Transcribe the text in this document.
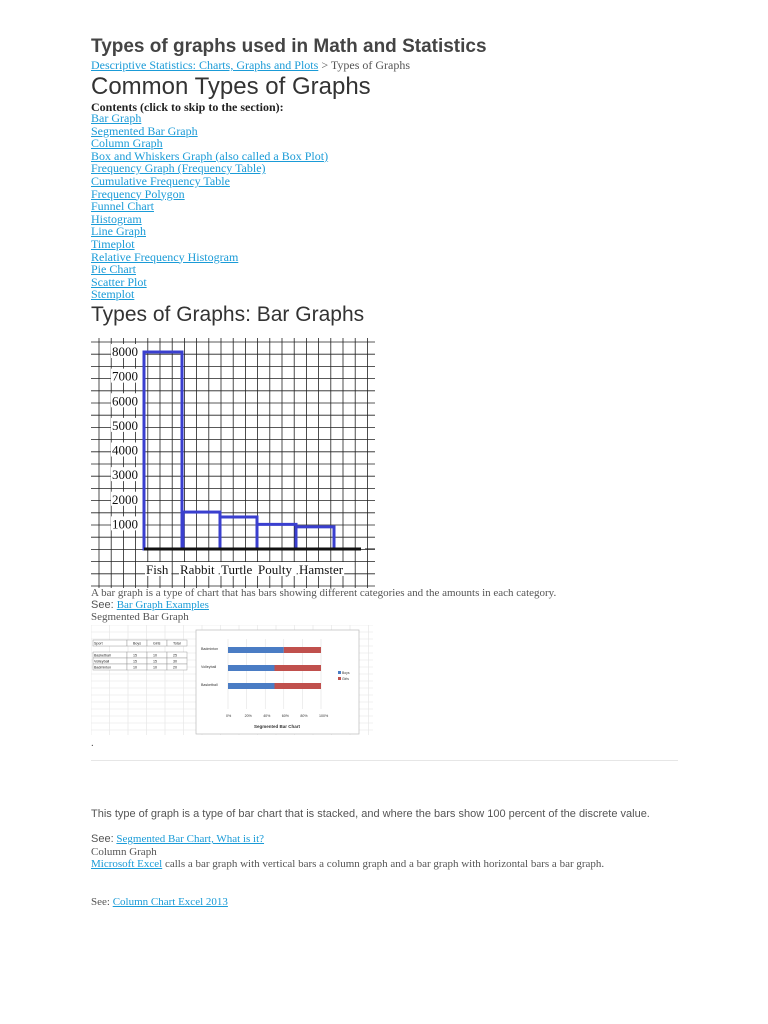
Types of graphs used in Math and Statistics
Descriptive Statistics: Charts, Graphs and Plots > Types of Graphs
Common Types of Graphs
Contents (click to skip to the section):
Bar Graph
Segmented Bar Graph
Column Graph
Box and Whiskers Graph (also called a Box Plot)
Frequency Graph (Frequency Table)
Cumulative Frequency Table
Frequency Polygon
Funnel Chart
Histogram
Line Graph
Timeplot
Relative Frequency Histogram
Pie Chart
Scatter Plot
Stemplot
Types of Graphs: Bar Graphs
8000
7000
6000
5000
4000
3000
2000
1000
Fish Rabbit Turtle Poulty Hamster
A bar graph is a type of chart that has bars showing different categories and the amounts in each category.
See: Bar Graph Examples
Segmented Bar Graph
Sport	Boys	Girls	Total
Basketball	15	10	25
Volleyball	15	15	30
Badminton	10	10	20
0%	20%	40%	60%	80%	100%
Badminton
Volleyball
Basketball
Boys
Girls
Segmented Bar Chart
.
This type of graph is a type of bar chart that is stacked, and where the bars show 100 percent of the discrete value.
See: Segmented Bar Chart, What is it?
Column Graph
Microsoft Excel calls a bar graph with vertical bars a column graph and a bar graph with horizontal bars a bar graph.
See: Column Chart Excel 2013
